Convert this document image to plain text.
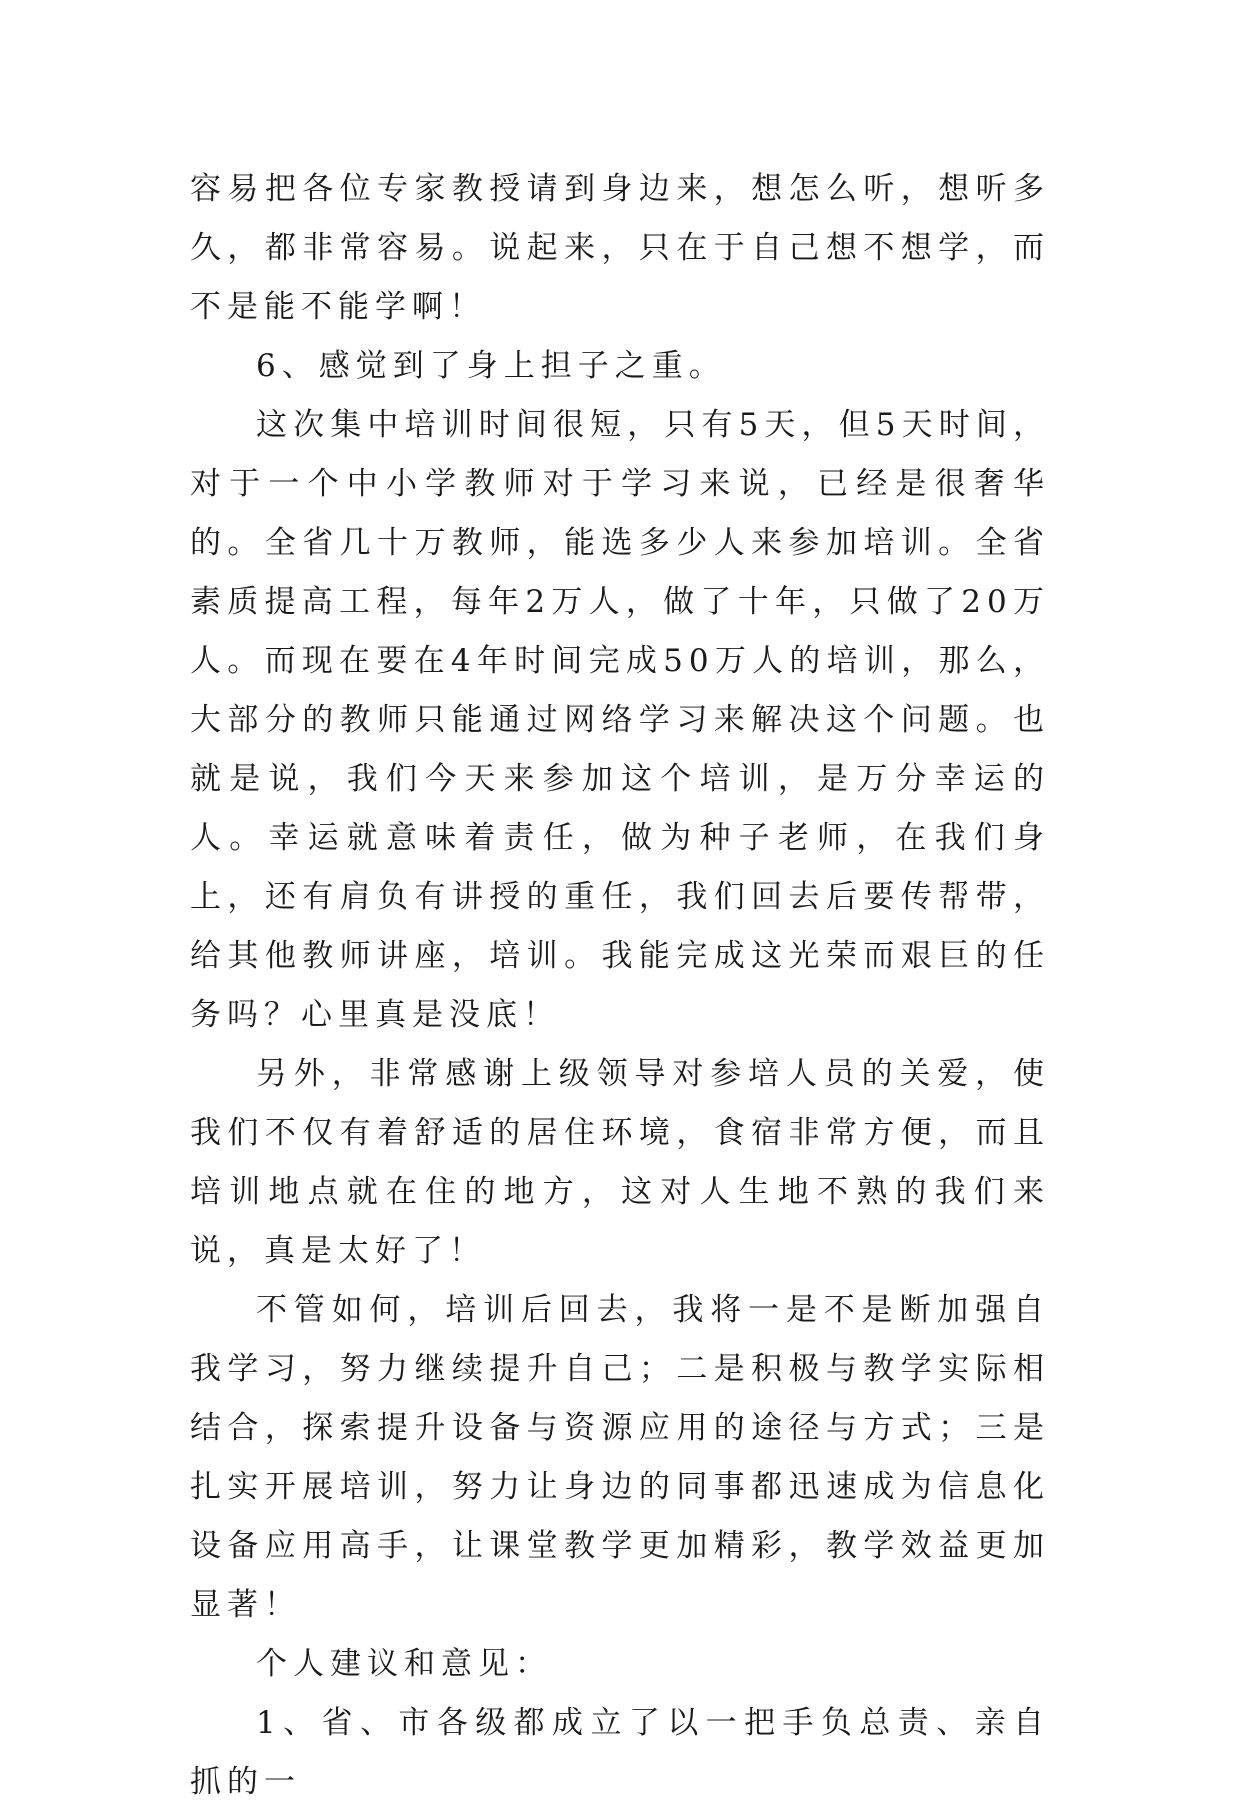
容易把各位专家教授请到身边来，想怎么听，想听多久，都非常容易。说起来，只在于自己想不想学，而不是能不能学啊！

6、感觉到了身上担子之重。

这次集中培训时间很短，只有5天，但5天时间，对于一个中小学教师对于学习来说，已经是很奢华的。全省几十万教师，能选多少人来参加培训。全省素质提高工程，每年2万人，做了十年，只做了20万人。而现在要在4年时间完成50万人的培训，那么，大部分的教师只能通过网络学习来解决这个问题。也就是说，我们今天来参加这个培训，是万分幸运的人。幸运就意味着责任，做为种子老师，在我们身上，还有肩负有讲授的重任，我们回去后要传帮带，给其他教师讲座，培训。我能完成这光荣而艰巨的任务吗？心里真是没底！

另外，非常感谢上级领导对参培人员的关爱，使我们不仅有着舒适的居住环境，食宿非常方便，而且培训地点就在住的地方，这对人生地不熟的我们来说，真是太好了！

不管如何，培训后回去，我将一是不是断加强自我学习，努力继续提升自己；二是积极与教学实际相结合，探索提升设备与资源应用的途径与方式；三是扎实开展培训，努力让身边的同事都迅速成为信息化设备应用高手，让课堂教学更加精彩，教学效益更加显著！

个人建议和意见：

1、省、市各级都成立了以一把手负总责、亲自抓的一
